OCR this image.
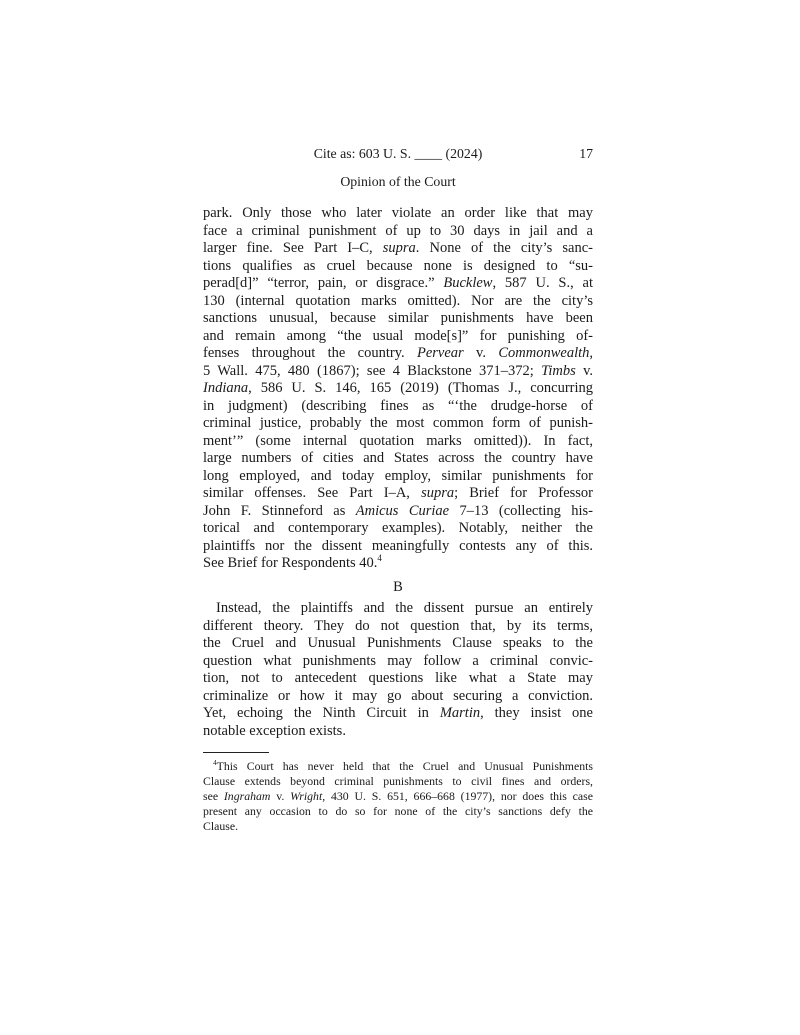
Cite as: 603 U. S. ____ (2024)	17
Opinion of the Court
park. Only those who later violate an order like that may
face a criminal punishment of up to 30 days in jail and a
larger fine. See Part I–C, supra. None of the city’s sanc-
tions qualifies as cruel because none is designed to “su-
perad[d]” “terror, pain, or disgrace.” Bucklew, 587 U. S., at
130 (internal quotation marks omitted). Nor are the city’s
sanctions unusual, because similar punishments have been
and remain among “the usual mode[s]” for punishing of-
fenses throughout the country. Pervear v. Commonwealth,
5 Wall. 475, 480 (1867); see 4 Blackstone 371–372; Timbs v.
Indiana, 586 U. S. 146, 165 (2019) (Thomas J., concurring
in judgment) (describing fines as “‘the drudge-horse of
criminal justice, probably the most common form of punish-
ment’” (some internal quotation marks omitted)). In fact,
large numbers of cities and States across the country have
long employed, and today employ, similar punishments for
similar offenses. See Part I–A, supra; Brief for Professor
John F. Stinneford as Amicus Curiae 7–13 (collecting his-
torical and contemporary examples). Notably, neither the
plaintiffs nor the dissent meaningfully contests any of this.
See Brief for Respondents 40.$^4$
B
Instead, the plaintiffs and the dissent pursue an entirely
different theory. They do not question that, by its terms,
the Cruel and Unusual Punishments Clause speaks to the
question what punishments may follow a criminal convic-
tion, not to antecedent questions like what a State may
criminalize or how it may go about securing a conviction.
Yet, echoing the Ninth Circuit in Martin, they insist one
notable exception exists.
$^4$This Court has never held that the Cruel and Unusual Punishments
Clause extends beyond criminal punishments to civil fines and orders,
see Ingraham v. Wright, 430 U. S. 651, 666–668 (1977), nor does this case
present any occasion to do so for none of the city’s sanctions defy the
Clause.
